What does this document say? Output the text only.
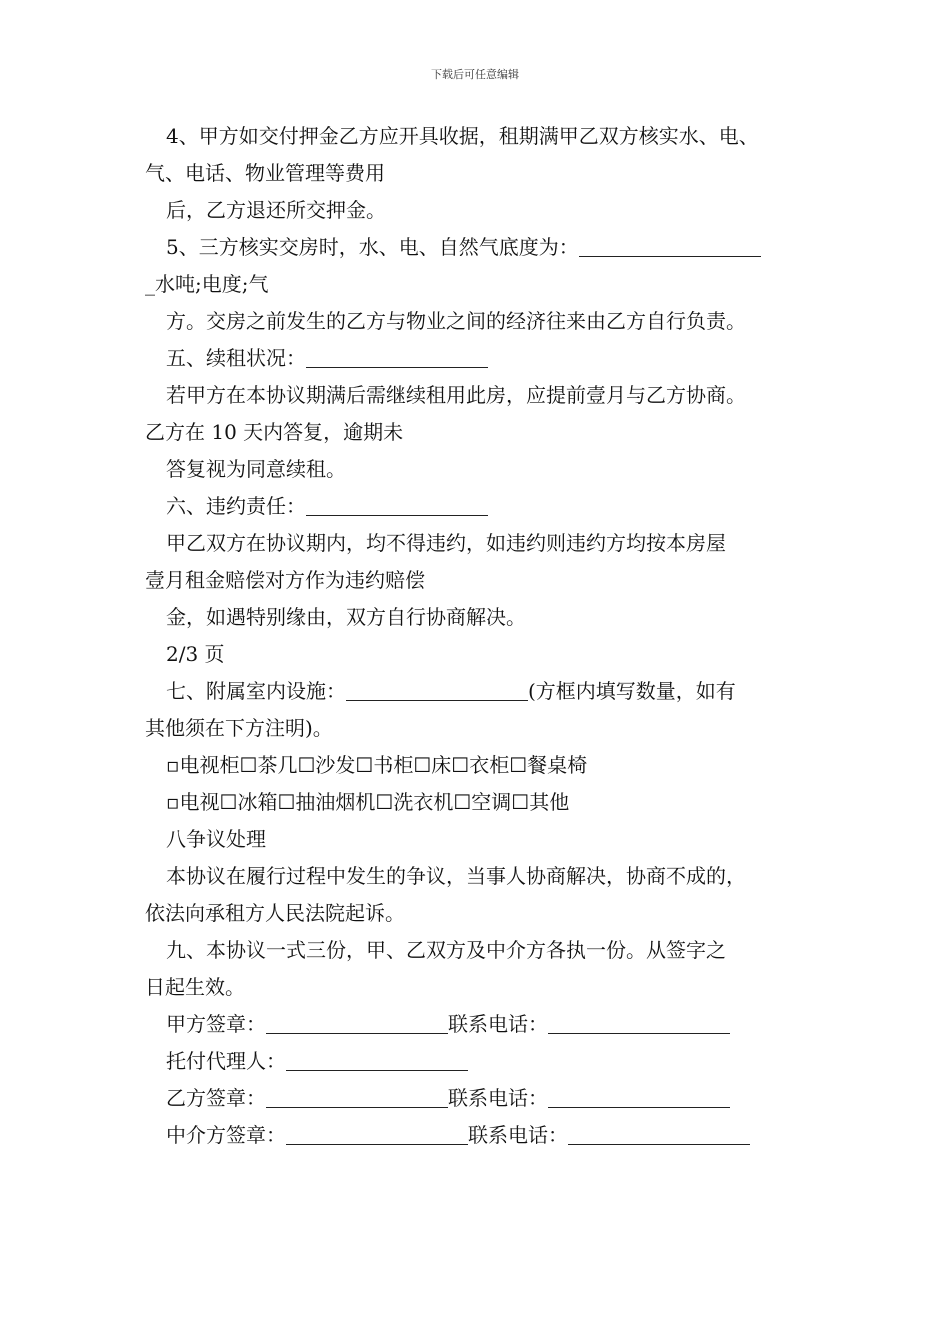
下载后可任意编辑
4、甲方如交付押金乙方应开具收据，租期满甲乙双方核实水、电、
气、电话、物业管理等费用
后，乙方退还所交押金。
5、三方核实交房时，水、电、自然气底度为：
_水吨;电度;气
方。交房之前发生的乙方与物业之间的经济往来由乙方自行负责。
五、续租状况：
若甲方在本协议期满后需继续租用此房，应提前壹月与乙方协商。
乙方在 10 天内答复，逾期未
答复视为同意续租。
六、违约责任：
甲乙双方在协议期内，均不得违约，如违约则违约方均按本房屋
壹月租金赔偿对方作为违约赔偿
金，如遇特别缘由，双方自行协商解决。
2/3 页
七、附属室内设施：	(方框内填写数量，如有
其他须在下方注明)。
▫电视柜☐茶几☐沙发☐书柜☐床☐衣柜☐餐桌椅
▫电视☐冰箱☐抽油烟机☐洗衣机☐空调☐其他
八争议处理
本协议在履行过程中发生的争议，当事人协商解决，协商不成的，
依法向承租方人民法院起诉。
九、本协议一式三份，甲、乙双方及中介方各执一份。从签字之
日起生效。
甲方签章：	联系电话：
托付代理人：
乙方签章：	联系电话：
中介方签章：	联系电话：
